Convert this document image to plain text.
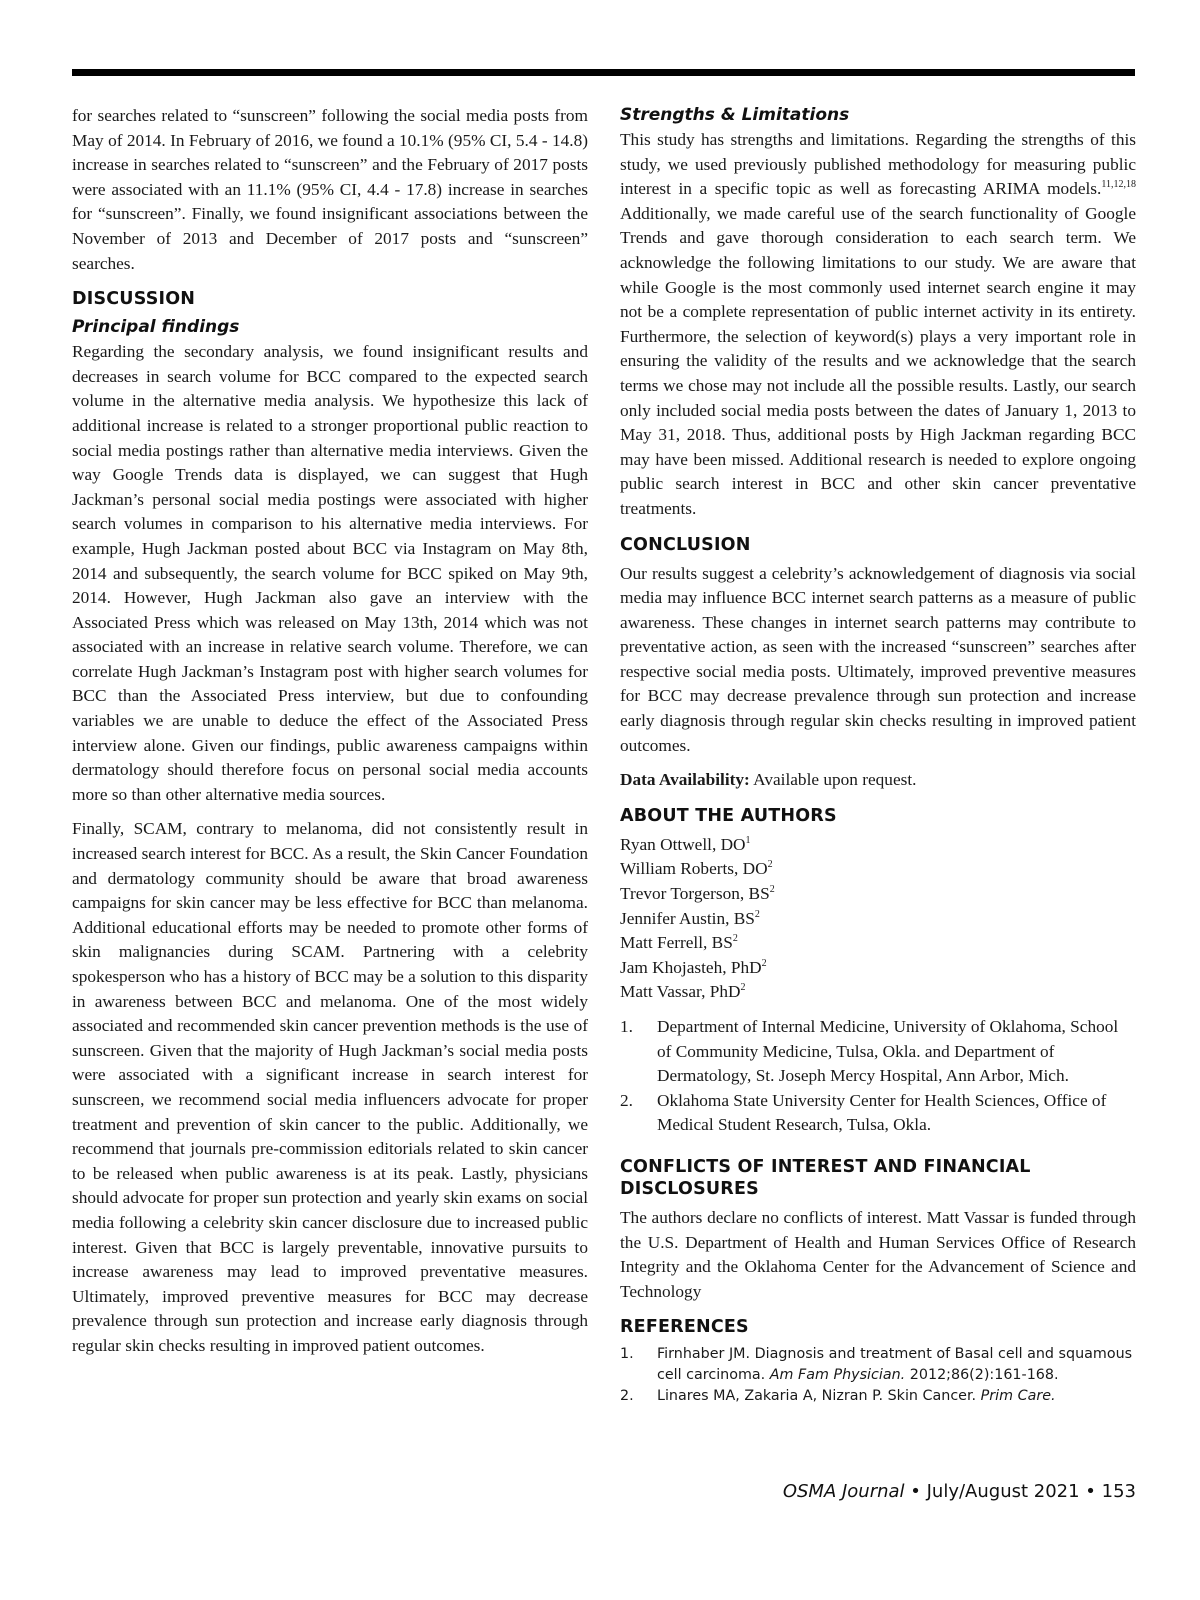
for searches related to “sunscreen” following the social media posts from May of 2014. In February of 2016, we found a 10.1% (95% CI, 5.4 - 14.8) increase in searches related to “sunscreen” and the February of 2017 posts were associated with an 11.1% (95% CI, 4.4 - 17.8) increase in searches for “sunscreen”. Finally, we found insignificant associations between the November of 2013 and December of 2017 posts and “sunscreen” searches.

DISCUSSION
Principal findings

Regarding the secondary analysis, we found insignificant results and decreases in search volume for BCC compared to the expected search volume in the alternative media analysis. We hypothesize this lack of additional increase is related to a stronger proportional public reaction to social media postings rather than alternative media interviews. Given the way Google Trends data is displayed, we can suggest that Hugh Jackman’s personal social media postings were associated with higher search volumes in comparison to his alternative media interviews. For example, Hugh Jackman posted about BCC via Instagram on May 8th, 2014 and subsequently, the search volume for BCC spiked on May 9th, 2014. However, Hugh Jackman also gave an interview with the Associated Press which was released on May 13th, 2014 which was not associated with an increase in relative search volume. Therefore, we can correlate Hugh Jackman’s Instagram post with higher search volumes for BCC than the Associated Press interview, but due to confounding variables we are unable to deduce the effect of the Associated Press interview alone. Given our findings, public awareness campaigns within dermatology should therefore focus on personal social media accounts more so than other alternative media sources.

Finally, SCAM, contrary to melanoma, did not consistently result in increased search interest for BCC. As a result, the Skin Cancer Foundation and dermatology community should be aware that broad awareness campaigns for skin cancer may be less effective for BCC than melanoma. Additional educational efforts may be needed to promote other forms of skin malignancies during SCAM. Partnering with a celebrity spokesperson who has a history of BCC may be a solution to this disparity in awareness between BCC and melanoma. One of the most widely associated and recommended skin cancer prevention methods is the use of sunscreen. Given that the majority of Hugh Jackman’s social media posts were associated with a significant increase in search interest for sunscreen, we recommend social media influencers advocate for proper treatment and prevention of skin cancer to the public. Additionally, we recommend that journals pre-commission editorials related to skin cancer to be released when public awareness is at its peak. Lastly, physicians should advocate for proper sun protection and yearly skin exams on social media following a celebrity skin cancer disclosure due to increased public interest. Given that BCC is largely preventable, innovative pursuits to increase awareness may lead to improved preventative measures. Ultimately, improved preventive measures for BCC may decrease prevalence through sun protection and increase early diagnosis through regular skin checks resulting in improved patient outcomes.

Strengths & Limitations

This study has strengths and limitations. Regarding the strengths of this study, we used previously published methodology for measuring public interest in a specific topic as well as forecasting ARIMA models.$^{11,12,18}$ Additionally, we made careful use of the search functionality of Google Trends and gave thorough consideration to each search term. We acknowledge the following limitations to our study. We are aware that while Google is the most commonly used internet search engine it may not be a complete representation of public internet activity in its entirety. Furthermore, the selection of keyword(s) plays a very important role in ensuring the validity of the results and we acknowledge that the search terms we chose may not include all the possible results. Lastly, our search only included social media posts between the dates of January 1, 2013 to May 31, 2018. Thus, additional posts by High Jackman regarding BCC may have been missed. Additional research is needed to explore ongoing public search interest in BCC and other skin cancer preventative treatments.

CONCLUSION

Our results suggest a celebrity’s acknowledgement of diagnosis via social media may influence BCC internet search patterns as a measure of public awareness. These changes in internet search patterns may contribute to preventative action, as seen with the increased “sunscreen” searches after respective social media posts. Ultimately, improved preventive measures for BCC may decrease prevalence through sun protection and increase early diagnosis through regular skin checks resulting in improved patient outcomes.

Data Availability: Available upon request.

ABOUT THE AUTHORS
Ryan Ottwell, $DO^1$
William Roberts, $DO^2$
Trevor Torgerson, $BS^2$
Jennifer Austin, $BS^2$
Matt Ferrell, $BS^2$
Jam Khojasteh, PhD$^2$
Matt Vassar, PhD$^2$
1.	Department of Internal Medicine, University of Oklahoma, School of Community Medicine, Tulsa, Okla. and Department of Dermatology, St. Joseph Mercy Hospital, Ann Arbor, Mich.
2.	Oklahoma State University Center for Health Sciences, Office of Medical Student Research, Tulsa, Okla.
CONFLICTS OF INTEREST AND FINANCIAL DISCLOSURES

The authors declare no conflicts of interest. Matt Vassar is funded through the U.S. Department of Health and Human Services Office of Research Integrity and the Oklahoma Center for the Advancement of Science and Technology

REFERENCES
1.	Firnhaber JM. Diagnosis and treatment of Basal cell and squamous cell carcinoma. Am Fam Physician. 2012;86(2):161-168.
2.	Linares MA, Zakaria A, Nizran P. Skin Cancer. Prim Care.
OSMA Journal • July/August 2021 • 153
